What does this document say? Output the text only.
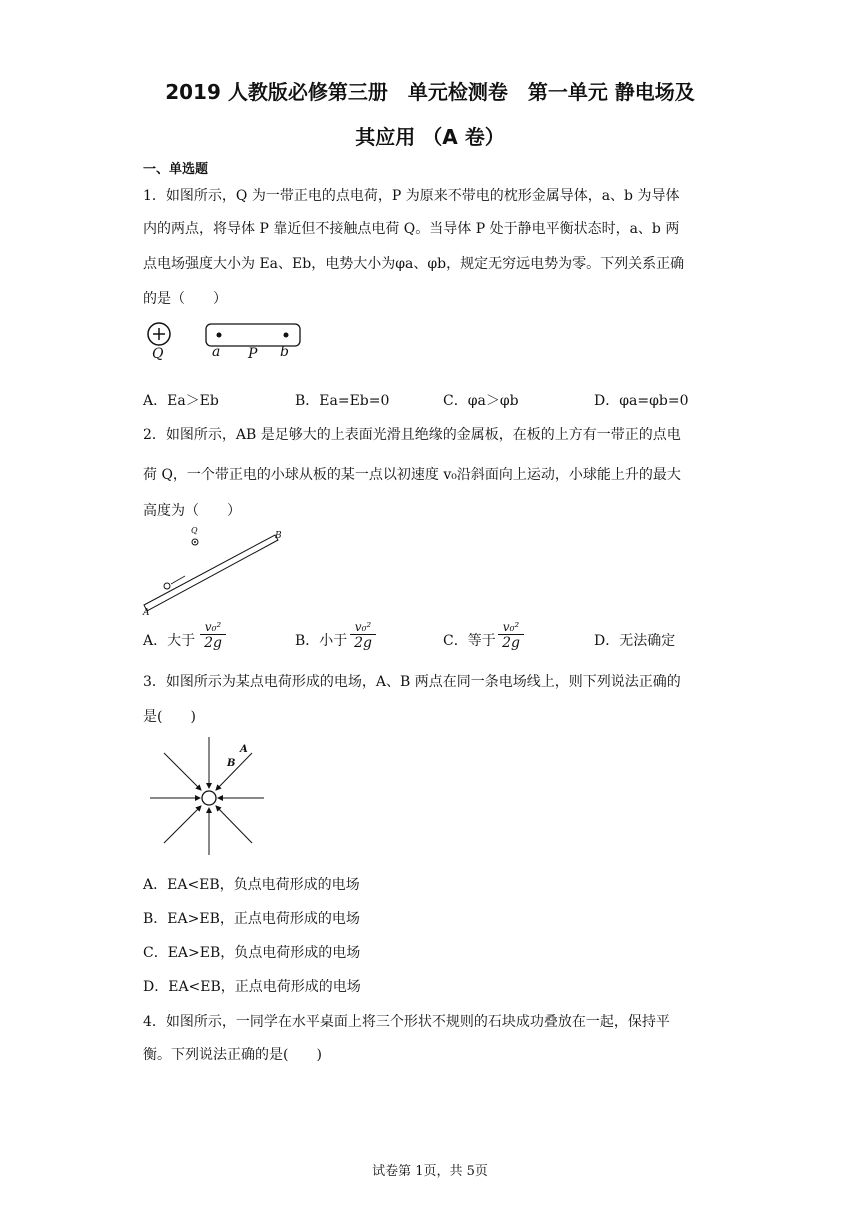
2019 人教版必修第三册　单元检测卷　第一单元 静电场及
其应用 （A 卷）
一、单选题
1．如图所示，Q 为一带正电的点电荷，P 为原来不带电的枕形金属导体，a、b 为导体
内的两点，将导体 P 靠近但不接触点电荷 Q。当导体 P 处于静电平衡状态时，a、b 两
点电场强度大小为 Ea、Eb，电势大小为φa、φb，规定无穷远电势为零。下列关系正确
的是（　　）
Q	a P b
A．Ea＞Eb	B．Ea=Eb=0	C．φa＞φb	D．φa=φb=0
2．如图所示，AB 是足够大的上表面光滑且绝缘的金属板，在板的上方有一带正的点电
荷 Q，一个带正电的小球从板的某一点以初速度 v₀沿斜面向上运动，小球能上升的最大
高度为（　　）
Q
B
A
A．大于 $\frac{\text{v₀²}}{2g}$	B．小于 $\frac{\text{v₀²}}{2g}$	C．等于 $\frac{\text{v₀²}}{2g}$	D．无法确定
3．如图所示为某点电荷形成的电场，A、B 两点在同一条电场线上，则下列说法正确的
是(　　)
A
B
A．EA<EB，负点电荷形成的电场
B．EA>EB，正点电荷形成的电场
C．EA>EB，负点电荷形成的电场
D．EA<EB，正点电荷形成的电场
4．如图所示，一同学在水平桌面上将三个形状不规则的石块成功叠放在一起，保持平
衡。下列说法正确的是(　　)
试卷第 1页，共 5页
